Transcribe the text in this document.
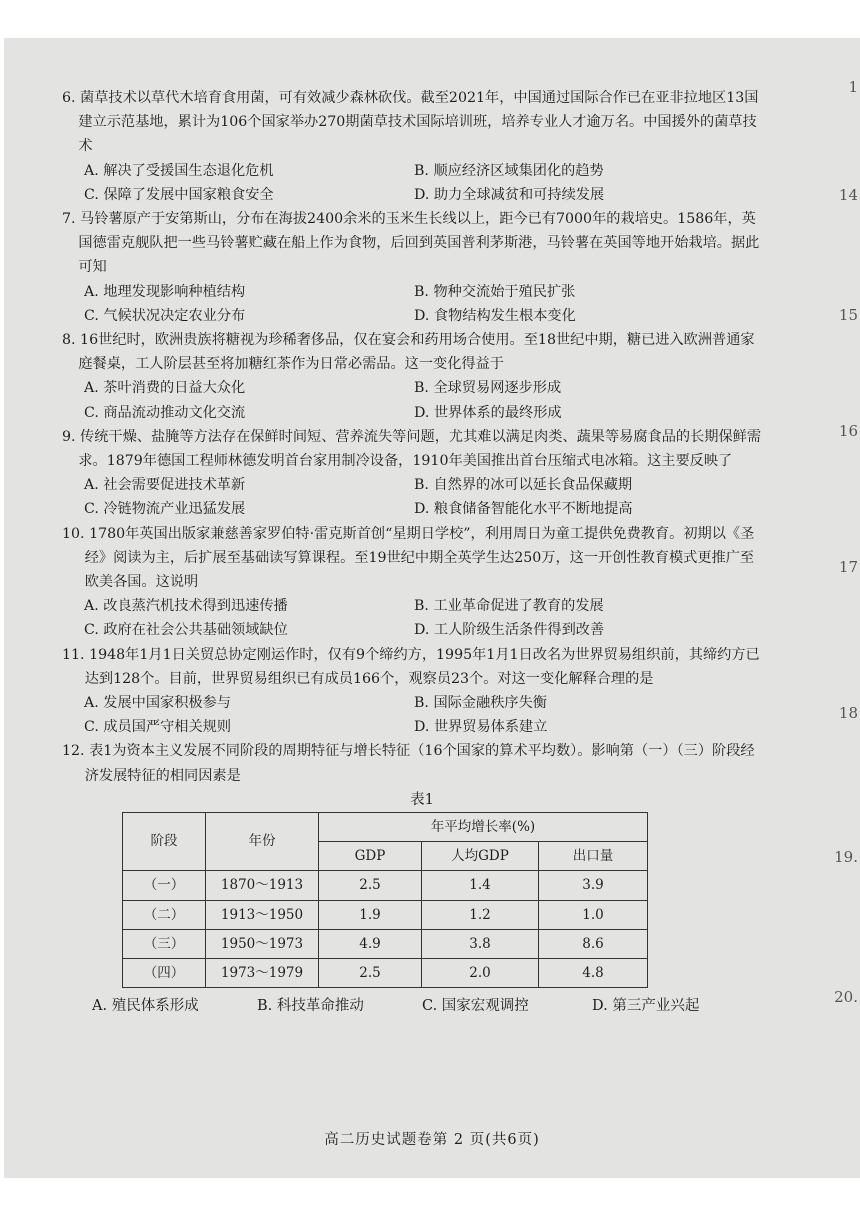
1
14
15
16
17
18
19.
20.

6. 菌草技术以草代木培育食用菌，可有效减少森林砍伐。截至2021年，中国通过国际合作已在亚非拉地区13国建立示范基地，累计为106个国家举办270期菌草技术国际培训班，培养专业人才逾万名。中国援外的菌草技术

A. 解决了受援国生态退化危机	B. 顺应经济区域集团化的趋势
C. 保障了发展中国家粮食安全	D. 助力全球减贫和可持续发展

7. 马铃薯原产于安第斯山，分布在海拔2400余米的玉米生长线以上，距今已有7000年的栽培史。1586年，英国德雷克舰队把一些马铃薯贮藏在船上作为食物，后回到英国普利茅斯港，马铃薯在英国等地开始栽培。据此可知

A. 地理发现影响种植结构	B. 物种交流始于殖民扩张
C. 气候状况决定农业分布	D. 食物结构发生根本变化

8. 16世纪时，欧洲贵族将糖视为珍稀奢侈品，仅在宴会和药用场合使用。至18世纪中期，糖已进入欧洲普通家庭餐桌，工人阶层甚至将加糖红茶作为日常必需品。这一变化得益于

A. 茶叶消费的日益大众化	B. 全球贸易网逐步形成
C. 商品流动推动文化交流	D. 世界体系的最终形成

9. 传统干燥、盐腌等方法存在保鲜时间短、营养流失等问题，尤其难以满足肉类、蔬果等易腐食品的长期保鲜需求。1879年德国工程师林德发明首台家用制冷设备，1910年美国推出首台压缩式电冰箱。这主要反映了

A. 社会需要促进技术革新	B. 自然界的冰可以延长食品保藏期
C. 冷链物流产业迅猛发展	D. 粮食储备智能化水平不断地提高

10. 1780年英国出版家兼慈善家罗伯特·雷克斯首创“星期日学校”，利用周日为童工提供免费教育。初期以《圣经》阅读为主，后扩展至基础读写算课程。至19世纪中期全英学生达250万，这一开创性教育模式更推广至欧美各国。这说明

A. 改良蒸汽机技术得到迅速传播	B. 工业革命促进了教育的发展
C. 政府在社会公共基础领域缺位	D. 工人阶级生活条件得到改善

11. 1948年1月1日关贸总协定刚运作时，仅有9个缔约方，1995年1月1日改名为世界贸易组织前，其缔约方已达到128个。目前，世界贸易组织已有成员166个，观察员23个。对这一变化解释合理的是

A. 发展中国家积极参与	B. 国际金融秩序失衡
C. 成员国严守相关规则	D. 世界贸易体系建立

12. 表1为资本主义发展不同阶段的周期特征与增长特征（16个国家的算术平均数）。影响第（一）（三）阶段经济发展特征的相同因素是

表1

阶段	年份	年平均增长率(%)		
		GDP	人均GDP	出口量
（一）	1870～1913	2.5	1.4	3.9
（二）	1913～1950	1.9	1.2	1.0
（三）	1950～1973	4.9	3.8	8.6
（四）	1973～1979	2.5	2.0	4.8
A. 殖民体系形成	B. 科技革命推动	C. 国家宏观调控	D. 第三产业兴起
高二历史试题卷第 2 页(共6页)
